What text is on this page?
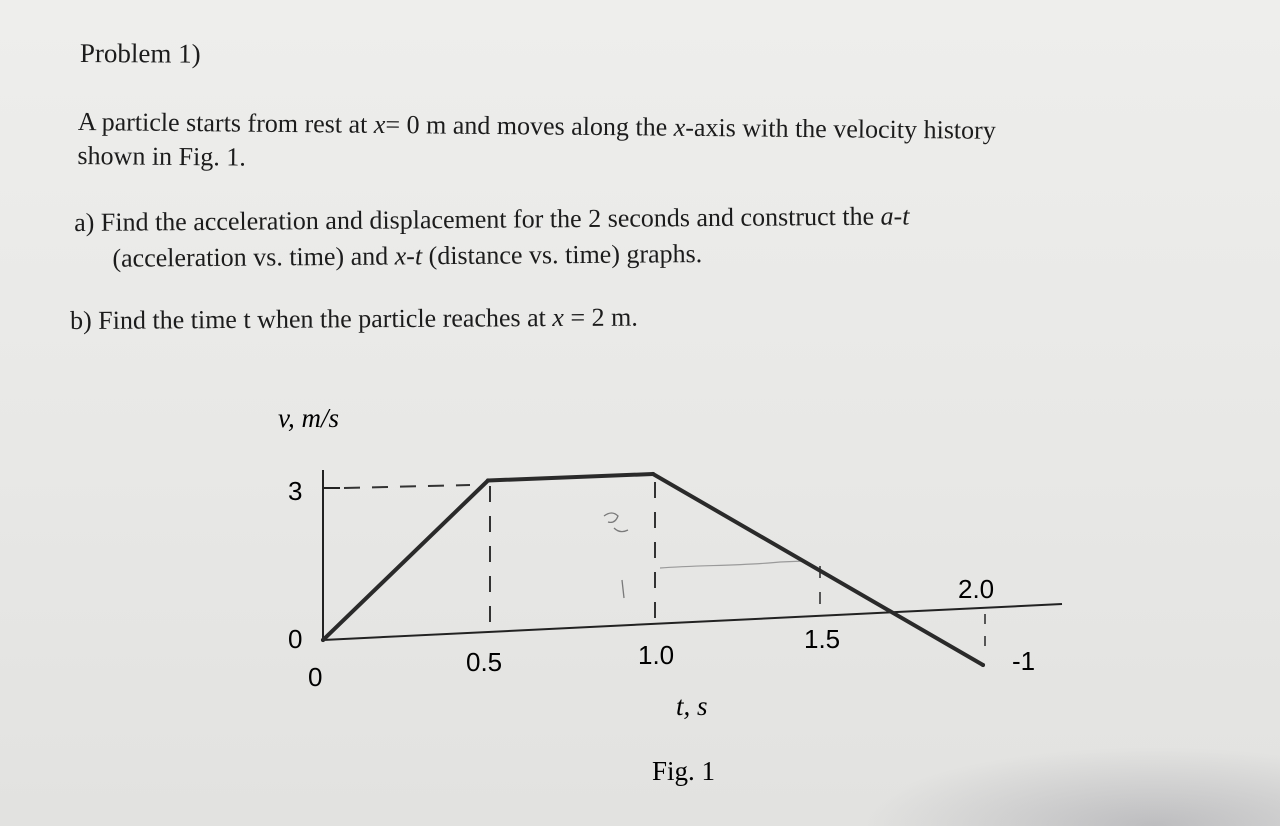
Problem 1)
A particle starts from rest at x= 0 m and moves along the x-axis with the velocity history
shown in Fig. 1.
a) Find the acceleration and displacement for the 2 seconds and construct the a-t
(acceleration vs. time) and x-t (distance vs. time) graphs.
b) Find the time t when the particle reaches at x = 2 m.
v, m/s
3
0
0	0.5	1.0
1.5
2.0
-1
t, s
Fig. 1
